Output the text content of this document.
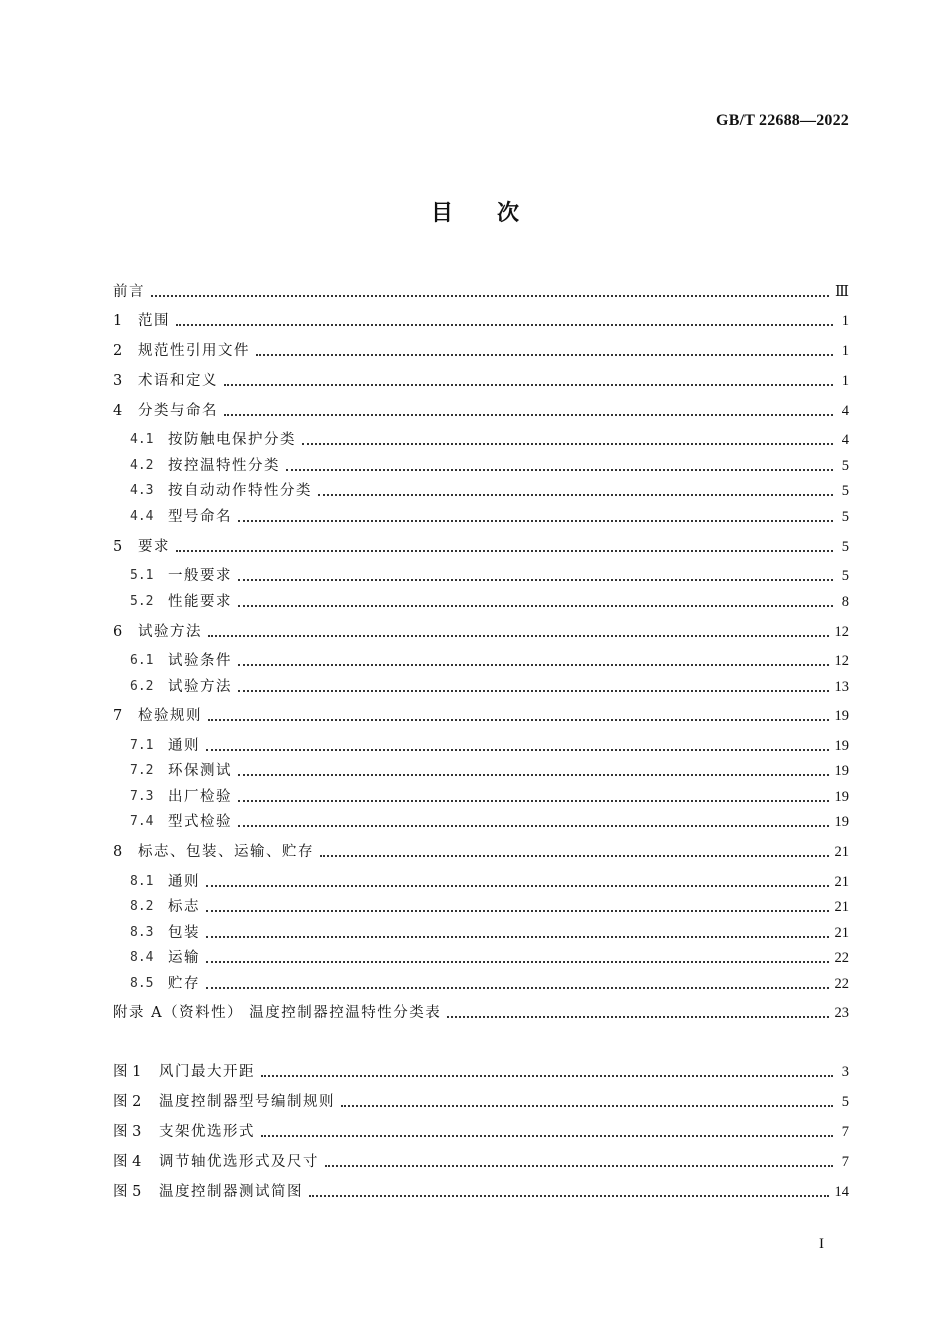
GB/T 22688—2022
目次
前言	Ⅲ
1	范围	1
2	规范性引用文件	1
3	术语和定义	1
4	分类与命名	4
4.1	按防触电保护分类	4
4.2	按控温特性分类	5
4.3	按自动动作特性分类	5
4.4	型号命名	5
5	要求	5
5.1	一般要求	5
5.2	性能要求	8
6	试验方法	12
6.1	试验条件	12
6.2	试验方法	13
7	检验规则	19
7.1	通则	19
7.2	环保测试	19
7.3	出厂检验	19
7.4	型式检验	19
8	标志、包装、运输、贮存	21
8.1	通则	21
8.2	标志	21
8.3	包装	21
8.4	运输	22
8.5	贮存	22
附录 A（资料性） 温度控制器控温特性分类表	23
图 1	风门最大开距	3
图 2	温度控制器型号编制规则	5
图 3	支架优选形式	7
图 4	调节轴优选形式及尺寸	7
图 5	温度控制器测试简图	14
I
